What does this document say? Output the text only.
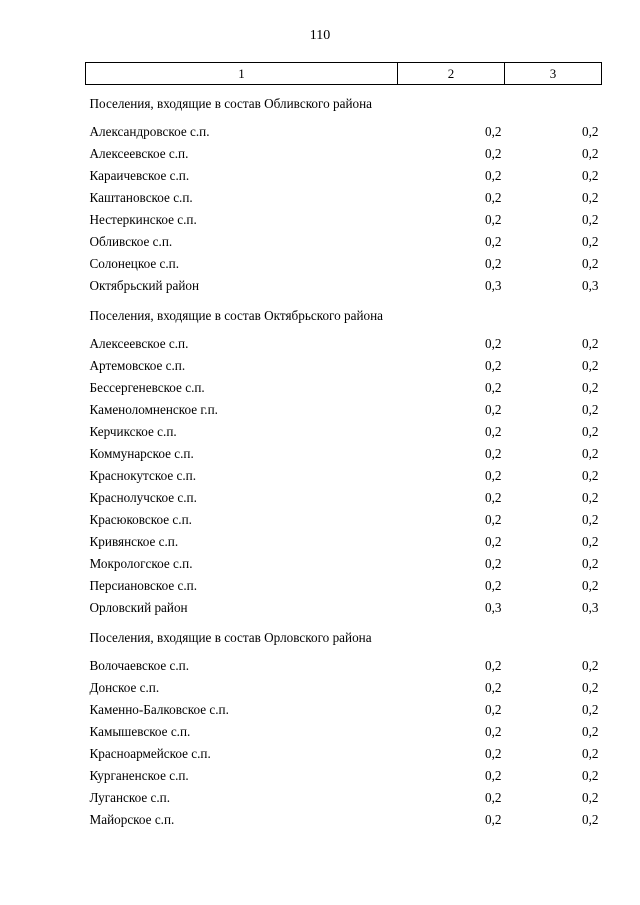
110
1	2	3
Поселения, входящие в состав Обливского района		
Александровское с.п.	0,2	0,2
Алексеевское с.п.	0,2	0,2
Караичевское с.п.	0,2	0,2
Каштановское с.п.	0,2	0,2
Нестеркинское с.п.	0,2	0,2
Обливское с.п.	0,2	0,2
Солонецкое с.п.	0,2	0,2
Октябрьский район	0,3	0,3
Поселения, входящие в состав Октябрьского района		
Алексеевское с.п.	0,2	0,2
Артемовское с.п.	0,2	0,2
Бессергеневское с.п.	0,2	0,2
Каменоломненское г.п.	0,2	0,2
Керчикское с.п.	0,2	0,2
Коммунарское с.п.	0,2	0,2
Краснокутское с.п.	0,2	0,2
Краснолучское с.п.	0,2	0,2
Красюковское с.п.	0,2	0,2
Кривянское с.п.	0,2	0,2
Мокрологское с.п.	0,2	0,2
Персиановское с.п.	0,2	0,2
Орловский район	0,3	0,3
Поселения, входящие в состав Орловского района		
Волочаевское с.п.	0,2	0,2
Донское с.п.	0,2	0,2
Каменно-Балковское с.п.	0,2	0,2
Камышевское с.п.	0,2	0,2
Красноармейское с.п.	0,2	0,2
Курганенское с.п.	0,2	0,2
Луганское с.п.	0,2	0,2
Майорское с.п.	0,2	0,2
